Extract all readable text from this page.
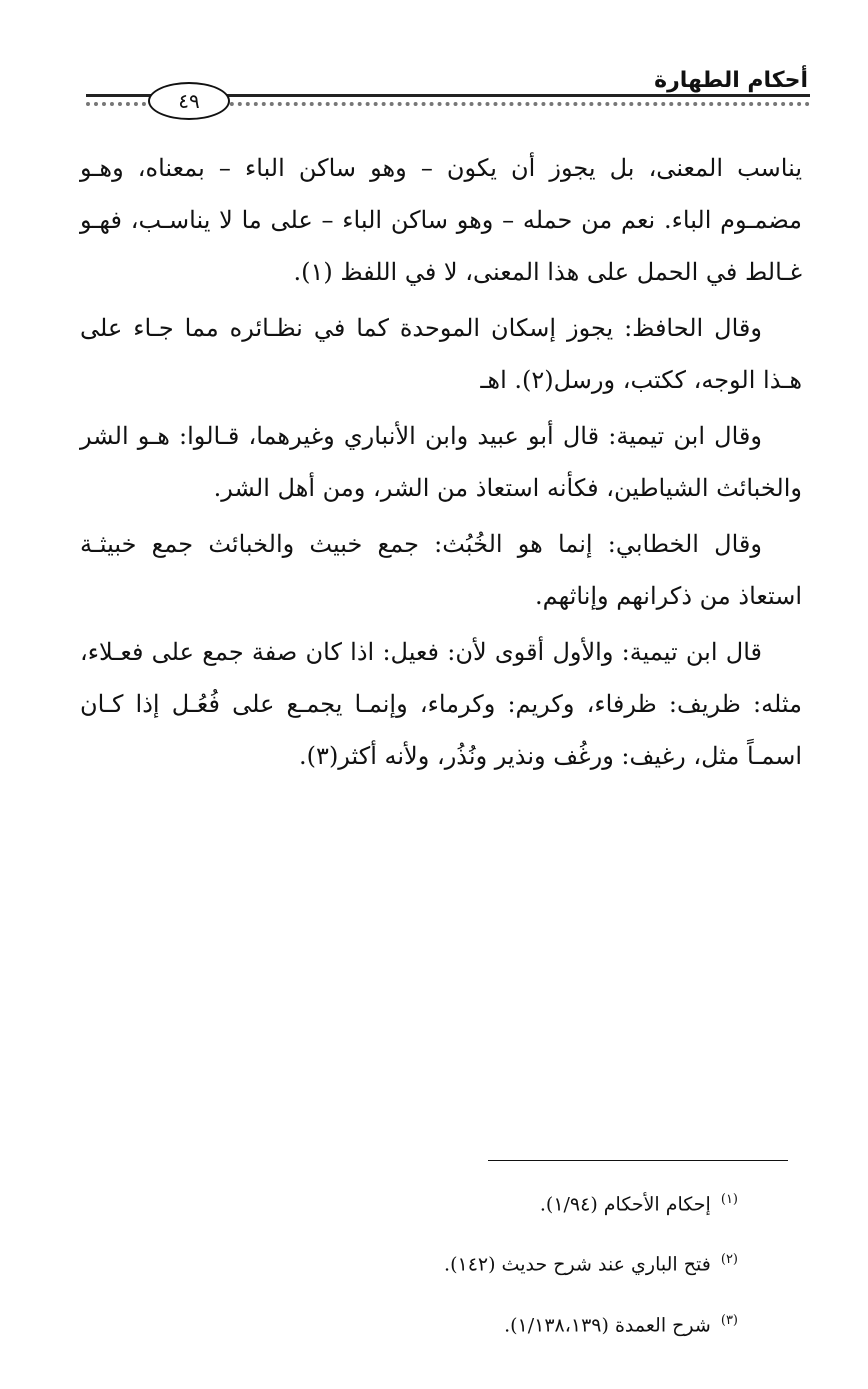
أحكام الطهارة
٤٩

يناسب المعنى، بل يجوز أن يكون – وهو ساكن الباء – بمعناه، وهـو مضمـوم الباء. نعم من حمله – وهو ساكن الباء – على ما لا يناسـب، فهـو غـالط في الحمل على هذا المعنى، لا في اللفظ (١).

وقال الحافظ: يجوز إسكان الموحدة كما في نظـائره مما جـاء على هـذا الوجه، ككتب، ورسل(٢). اهـ

وقال ابن تيمية: قال أبو عبيد وابن الأنباري وغيرهما، قـالوا: هـو الشر والخبائث الشياطين، فكأنه استعاذ من الشر، ومن أهل الشر.

وقال الخطابي: إنما هو الخُبُث: جمع خبيث والخبائث جمع خبيثـة استعاذ من ذكرانهم وإناثهم.

قال ابن تيمية: والأول أقوى لأن: فعيل: اذا كان صفة جمع على فعـلاء، مثله: ظريف: ظرفاء، وكريم: وكرماء، وإنمـا يجمـع على فُعُـل إذا كـان اسمـاً مثل، رغيف: ورغُف ونذير ونُذُر، ولأنه أكثر(٣).

$^{(١)}$ إحكام الأحكام (١/٩٤).

$^{(٢)}$ فتح الباري عند شرح حديث (١٤٢).

$^{(٣)}$ شرح العمدة (١/١٣٨،١٣٩).
